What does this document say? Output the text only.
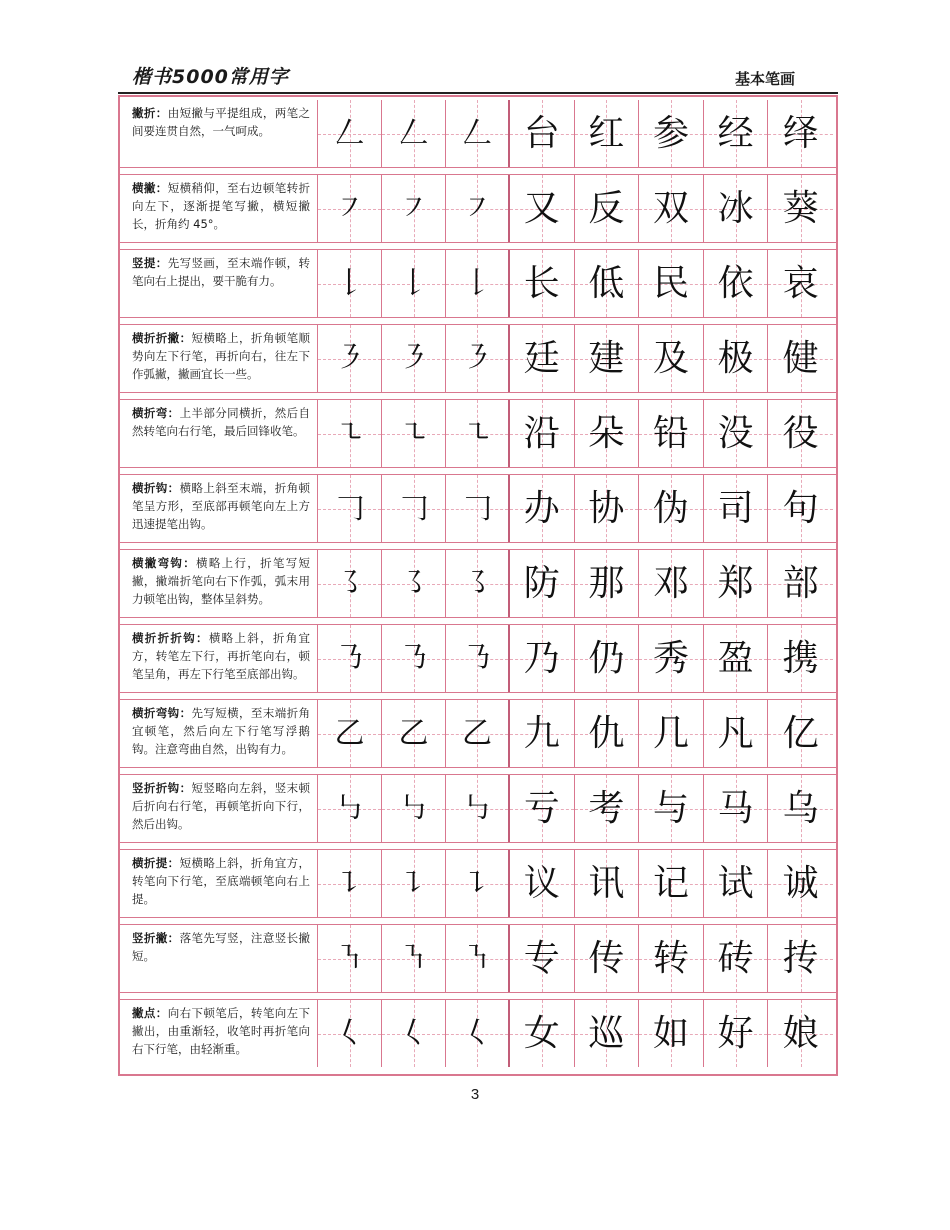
楷书5000常用字	基本笔画
撇折：由短撇与平提组成，两笔之间要连贯自然，一气呵成。	𠃋 𠃋 𠃋 台 红 参 经 绎
横撇：短横稍仰，至右边顿笔转折向左下，逐渐提笔写撇，横短撇长，折角约 45°。	㇇ ㇇ ㇇ 又 反 双 冰 葵
竖提：先写竖画，至末端作顿，转笔向右上提出，要干脆有力。	𠄌 𠄌 𠄌 长 低 民 依 哀
横折折撇：短横略上，折角顿笔顺势向左下行笔，再折向右，往左下作弧撇，撇画宜长一些。	㇋ ㇋ ㇋ 廷 建 及 极 健
横折弯：上半部分同横折，然后自然转笔向右行笔，最后回锋收笔。	㇍ ㇍ ㇍ 沿 朵 铅 没 役
横折钩：横略上斜至末端，折角顿笔呈方形，至底部再顿笔向左上方迅速提笔出钩。	𠃌 𠃌 𠃌 办 协 伪 司 句
横撇弯钩：横略上行，折笔写短撇，撇端折笔向右下作弧，弧末用力顿笔出钩，整体呈斜势。	㇌ ㇌ ㇌ 防 那 邓 郑 部
横折折折钩：横略上斜，折角宜方，转笔左下行，再折笔向右，顿笔呈角，再左下行笔至底部出钩。	㇡ ㇡ ㇡ 乃 仍 秀 盈 携
横折弯钩：先写短横，至末端折角宜顿笔，然后向左下行笔写浮鹅钩。注意弯曲自然，出钩有力。	乙 乙 乙 九 仇 几 凡 亿
竖折折钩：短竖略向左斜，竖末顿后折向右行笔，再顿笔折向下行，然后出钩。	㇉ ㇉ ㇉ 亏 考 与 马 乌
横折提：短横略上斜，折角宜方，转笔向下行笔，至底端顿笔向右上提。	㇊ ㇊ ㇊ 议 讯 记 试 诚
竖折撇：落笔先写竖，注意竖长撇短。	㇎ ㇎ ㇎ 专 传 转 砖 抟
撇点：向右下顿笔后，转笔向左下撇出，由重渐轻，收笔时再折笔向右下行笔，由轻渐重。	𡿨 𡿨 𡿨 女 巡 如 好 娘
3
